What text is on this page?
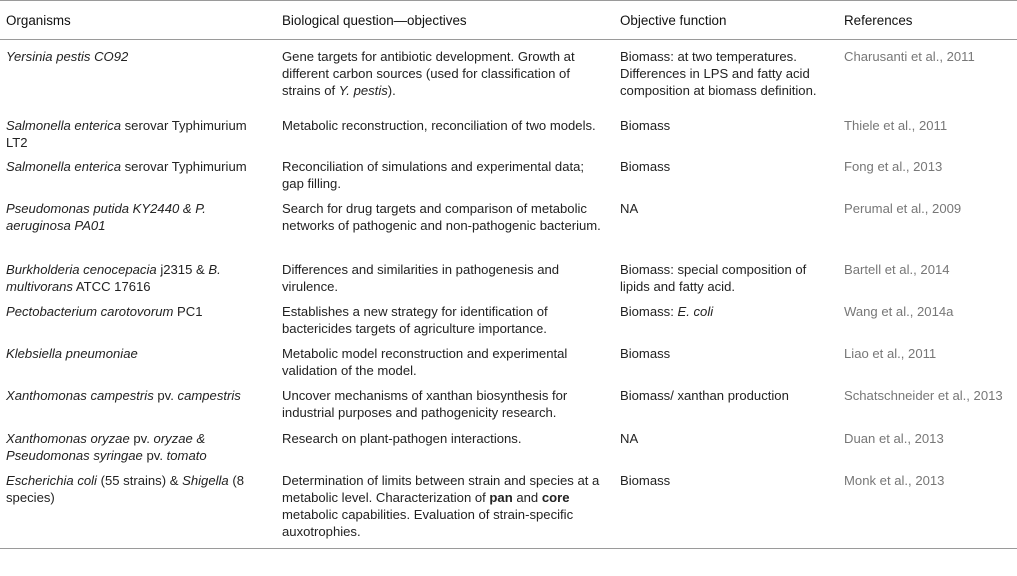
Organisms	Biological question—objectives	Objective function	References
Yersinia pestis CO92	Gene targets for antibiotic development. Growth at different carbon sources (used for classification of strains of Y. pestis).	Biomass: at two temperatures. Differences in LPS and fatty acid composition at biomass definition.	Charusanti et al., 2011
Salmonella enterica serovar Typhimurium LT2	Metabolic reconstruction, reconciliation of two models.	Biomass	Thiele et al., 2011
Salmonella enterica serovar Typhimurium	Reconciliation of simulations and experimental data; gap filling.	Biomass	Fong et al., 2013
Pseudomonas putida KY2440 & P. aeruginosa PA01	Search for drug targets and comparison of metabolic networks of pathogenic and non-pathogenic bacterium.	NA	Perumal et al., 2009
Burkholderia cenocepacia j2315 & B. multivorans ATCC 17616	Differences and similarities in pathogenesis and virulence.	Biomass: special composition of lipids and fatty acid.	Bartell et al., 2014
Pectobacterium carotovorum PC1	Establishes a new strategy for identification of bactericides targets of agriculture importance.	Biomass: E. coli	Wang et al., 2014a
Klebsiella pneumoniae	Metabolic model reconstruction and experimental validation of the model.	Biomass	Liao et al., 2011
Xanthomonas campestris pv. campestris	Uncover mechanisms of xanthan biosynthesis for industrial purposes and pathogenicity research.	Biomass/ xanthan production	Schatschneider et al., 2013
Xanthomonas oryzae pv. oryzae & Pseudomonas syringae pv. tomato	Research on plant-pathogen interactions.	NA	Duan et al., 2013
Escherichia coli (55 strains) & Shigella (8 species)	Determination of limits between strain and species at a metabolic level. Characterization of pan and core metabolic capabilities. Evaluation of strain-specific auxotrophies.	Biomass	Monk et al., 2013
